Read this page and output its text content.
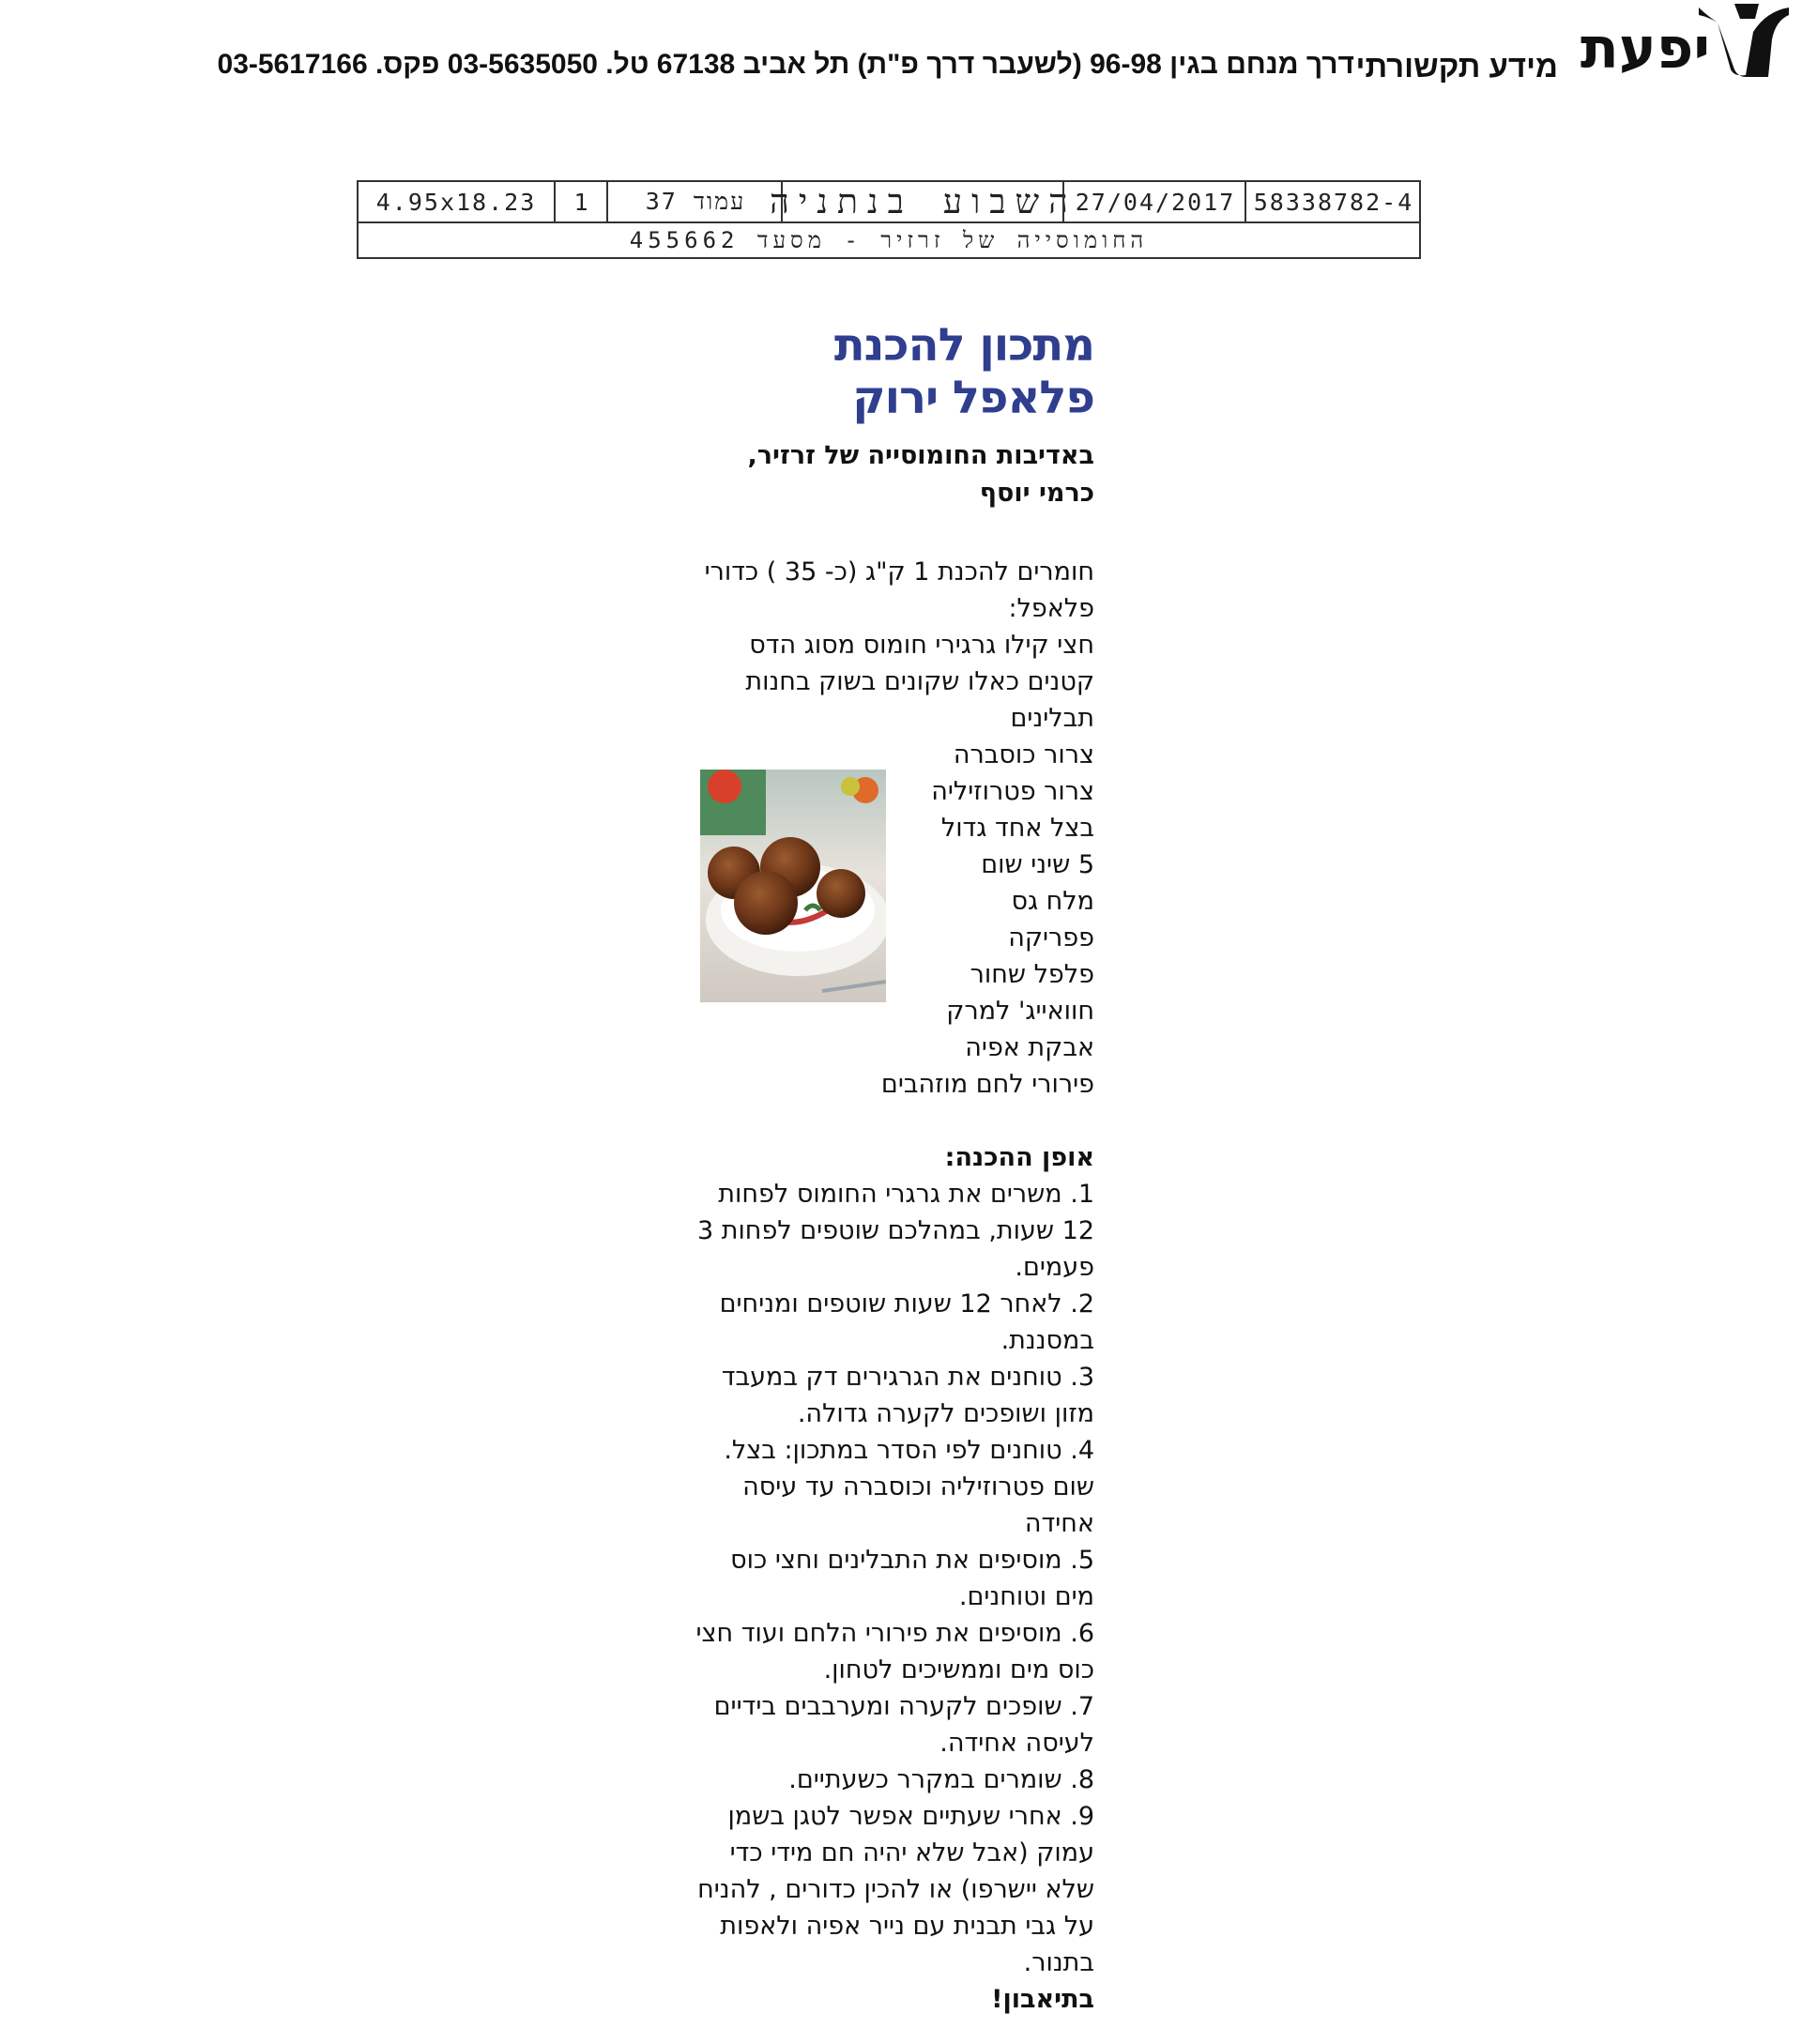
יפעת
מידע תקשורתי
דרך מנחם בגין 96-98 (לשעבר דרך פ"ת) תל אביב 67138 טל. 03-5635050 פקס. 03-5617166
4.95x18.23	1	עמוד 37 השבוע בנתניה
27/04/2017 58338782-4
החומוסייה של זרזיר - מסעד 455662
מתכון להכנת
פלאפל ירוק
באדיבות החומוסייה של זרזיר,
כרמי יוסף
חומרים להכנת 1 ק"ג (כ- 35 ) כדורי פלאפל:
חצי קילו גרגירי חומוס מסוג הדס קטנים כאלו שקונים בשוק בחנות תבלינים
צרור כוסברה
צרור פטרוזיליה
בצל אחד גדול
5 שיני שום
מלח גס
פפריקה
פלפל שחור
חוואייג' למרק
אבקת אפיה
פירורי לחם מוזהבים
אופן ההכנה:
1. משרים את גרגרי החומוס לפחות 12 שעות, במהלכם שוטפים לפחות 3 פעמים.
2. לאחר 12 שעות שוטפים ומניחים במסננת.
3. טוחנים את הגרגירים דק במעבד מזון ושופכים לקערה גדולה.
4. טוחנים לפי הסדר במתכון: בצל. שום פטרוזיליה וכוסברה עד עיסה אחידה
5. מוסיפים את התבלינים וחצי כוס מים וטוחנים.
6. מוסיפים את פירורי הלחם ועוד חצי כוס מים וממשיכים לטחון.
7. שופכים לקערה ומערבבים בידיים לעיסה אחידה.
8. שומרים במקרר כשעתיים.
9. אחרי שעתיים אפשר לטגן בשמן עמוק (אבל שלא יהיה חם מידי כדי שלא יישרפו) או להכין כדורים , להניח על גבי תבנית עם נייר אפיה ולאפות בתנור.
בתיאבון!
